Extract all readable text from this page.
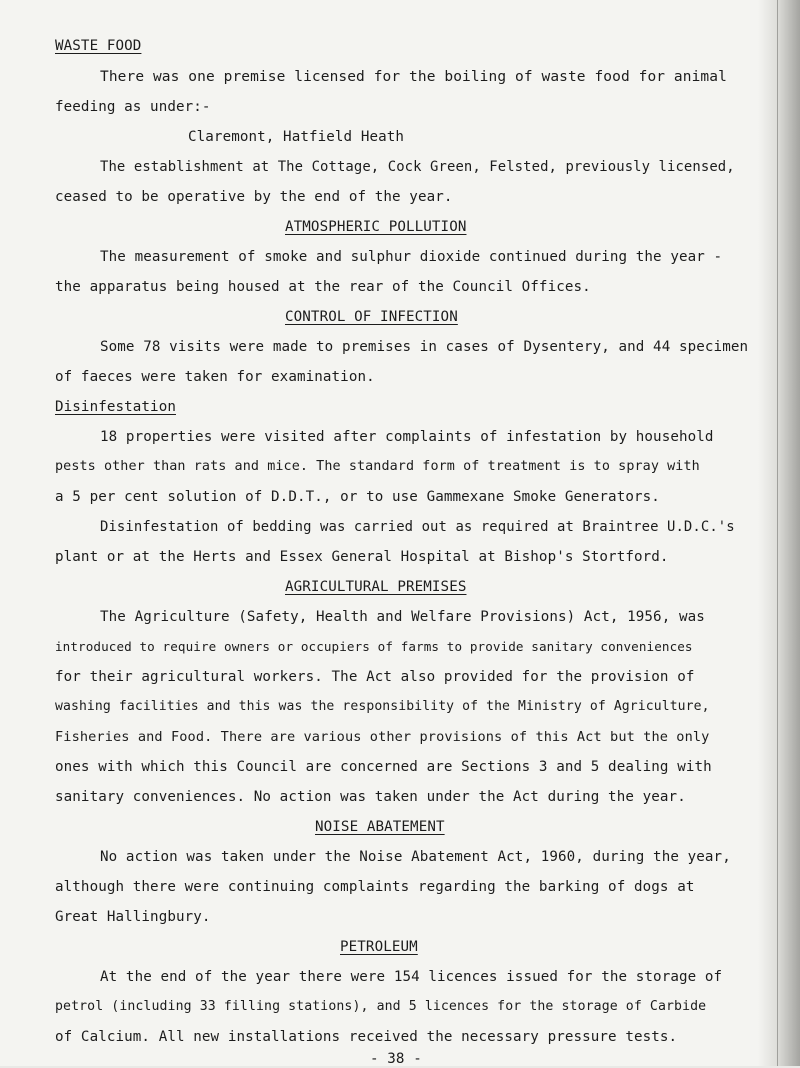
WASTE FOOD
There was one premise licensed for the boiling of waste food for animal
feeding as under:-
Claremont, Hatfield Heath
The establishment at The Cottage, Cock Green, Felsted, previously licensed,
ceased to be operative by the end of the year.
ATMOSPHERIC POLLUTION
The measurement of smoke and sulphur dioxide continued during the year -
the apparatus being housed at the rear of the Council Offices.
CONTROL OF INFECTION
Some 78 visits were made to premises in cases of Dysentery, and 44 specimen
of faeces were taken for examination.
Disinfestation
18 properties were visited after complaints of infestation by household
pests other than rats and mice. The standard form of treatment is to spray with
a 5 per cent solution of D.D.T., or to use Gammexane Smoke Generators.
Disinfestation of bedding was carried out as required at Braintree U.D.C.'s
plant or at the Herts and Essex General Hospital at Bishop's Stortford.
AGRICULTURAL PREMISES
The Agriculture (Safety, Health and Welfare Provisions) Act, 1956, was
introduced to require owners or occupiers of farms to provide sanitary conveniences
for their agricultural workers. The Act also provided for the provision of
washing facilities and this was the responsibility of the Ministry of Agriculture,
Fisheries and Food. There are various other provisions of this Act but the only
ones with which this Council are concerned are Sections 3 and 5 dealing with
sanitary conveniences. No action was taken under the Act during the year.
NOISE ABATEMENT
No action was taken under the Noise Abatement Act, 1960, during the year,
although there were continuing complaints regarding the barking of dogs at
Great Hallingbury.
PETROLEUM
At the end of the year there were 154 licences issued for the storage of
petrol (including 33 filling stations), and 5 licences for the storage of Carbide
of Calcium. All new installations received the necessary pressure tests.
- 38 -
